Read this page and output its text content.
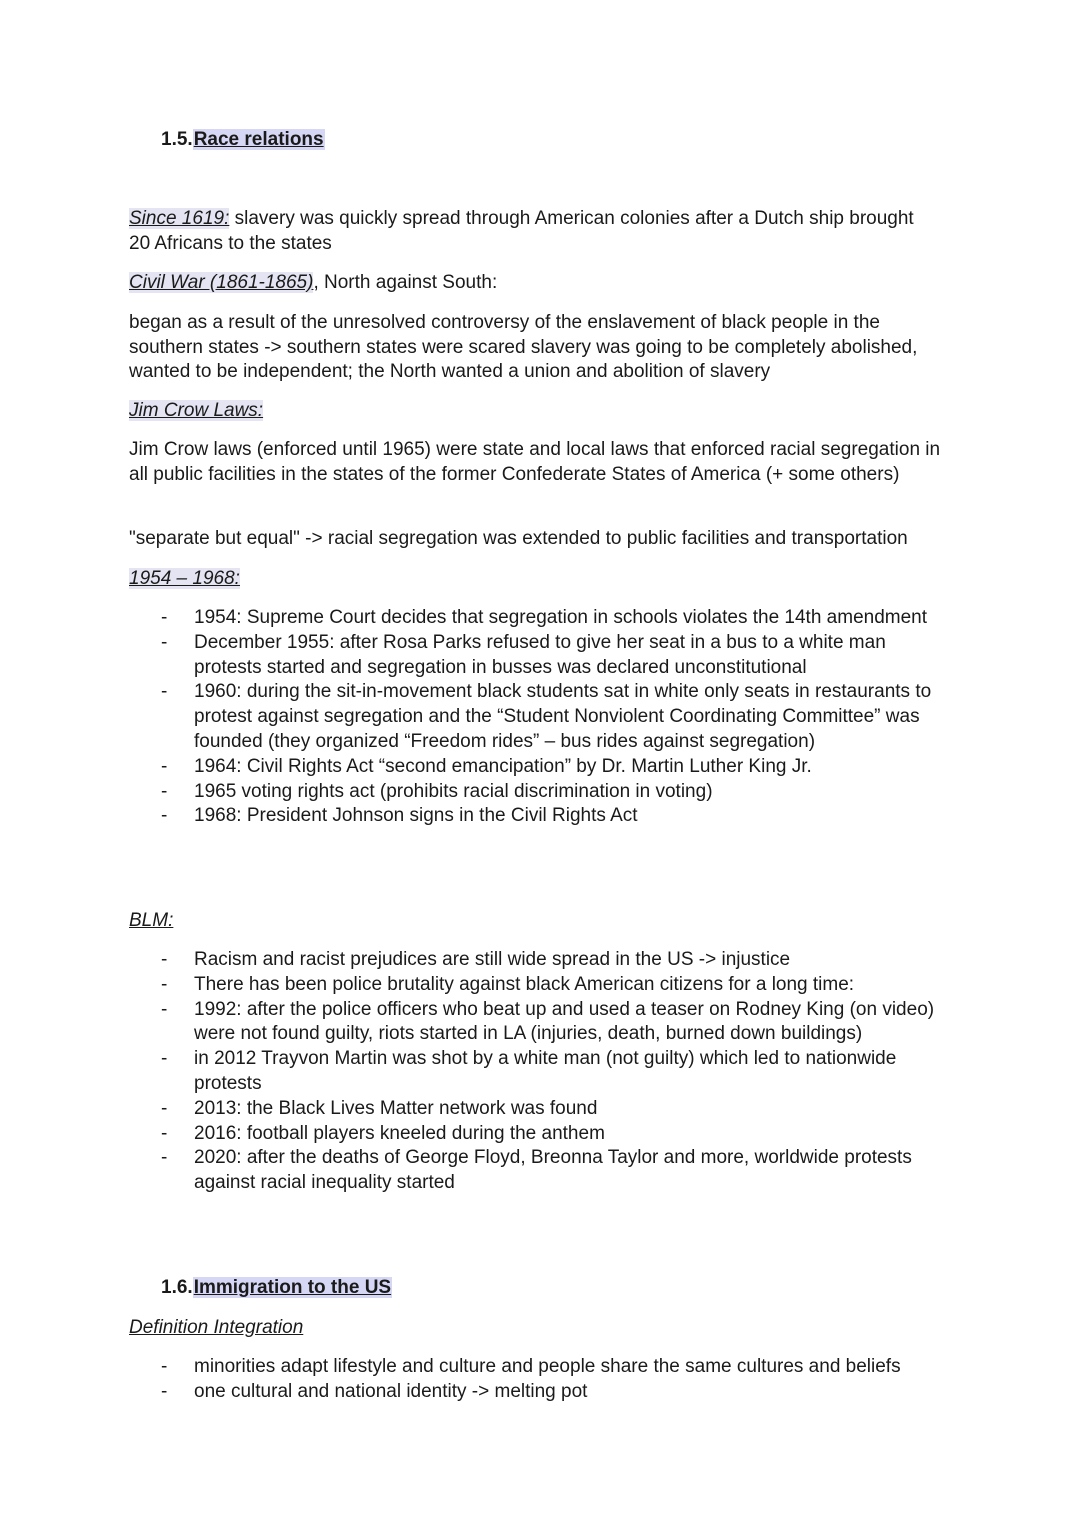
1.5.Race relations
Since 1619: slavery was quickly spread through American colonies after a Dutch ship brought 20 Africans to the states
Civil War (1861-1865), North against South:
began as a result of the unresolved controversy of the enslavement of black people in the southern states -> southern states were scared slavery was going to be completely abolished, wanted to be independent; the North wanted a union and abolition of slavery
Jim Crow Laws:
Jim Crow laws (enforced until 1965) were state and local laws that enforced racial segregation in all public facilities in the states of the former Confederate States of America (+ some others)
"separate but equal" -> racial segregation was extended to public facilities and transportation
1954 – 1968:
- 1954: Supreme Court decides that segregation in schools violates the 14th amendment
- December 1955: after Rosa Parks refused to give her seat in a bus to a white man protests started and segregation in busses was declared unconstitutional
- 1960: during the sit-in-movement black students sat in white only seats in restaurants to protest against segregation and the “Student Nonviolent Coordinating Committee” was founded (they organized “Freedom rides” – bus rides against segregation)
- 1964: Civil Rights Act “second emancipation” by Dr. Martin Luther King Jr.
- 1965 voting rights act (prohibits racial discrimination in voting)
- 1968: President Johnson signs in the Civil Rights Act
BLM:
- Racism and racist prejudices are still wide spread in the US -> injustice
- There has been police brutality against black American citizens for a long time:
- 1992: after the police officers who beat up and used a teaser on Rodney King (on video) were not found guilty, riots started in LA (injuries, death, burned down buildings)
- in 2012 Trayvon Martin was shot by a white man (not guilty) which led to nationwide protests
- 2013: the Black Lives Matter network was found
- 2016: football players kneeled during the anthem
- 2020: after the deaths of George Floyd, Breonna Taylor and more, worldwide protests against racial inequality started
1.6.Immigration to the US
Definition Integration
- minorities adapt lifestyle and culture and people share the same cultures and beliefs
- one cultural and national identity -> melting pot
